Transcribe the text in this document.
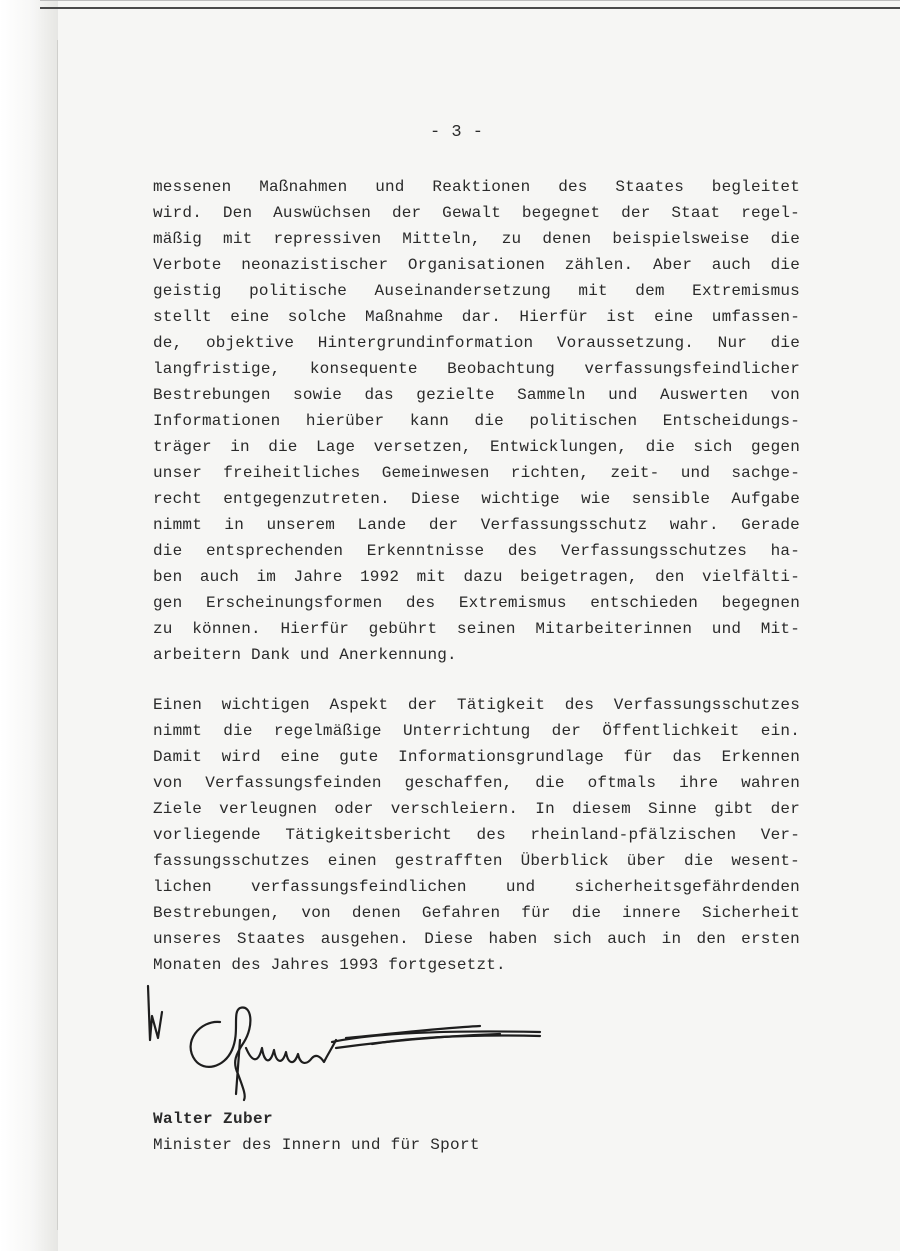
- 3 -
messenen Maßnahmen und Reaktionen des Staates begleitet
wird. Den Auswüchsen der Gewalt begegnet der Staat regel-
mäßig mit repressiven Mitteln, zu denen beispielsweise die
Verbote neonazistischer Organisationen zählen. Aber auch die
geistig politische Auseinandersetzung mit dem Extremismus
stellt eine solche Maßnahme dar. Hierfür ist eine umfassen-
de, objektive Hintergrundinformation Voraussetzung. Nur die
langfristige, konsequente Beobachtung verfassungsfeindlicher
Bestrebungen sowie das gezielte Sammeln und Auswerten von
Informationen hierüber kann die politischen Entscheidungs-
träger in die Lage versetzen, Entwicklungen, die sich gegen
unser freiheitliches Gemeinwesen richten, zeit- und sachge-
recht entgegenzutreten. Diese wichtige wie sensible Aufgabe
nimmt in unserem Lande der Verfassungsschutz wahr. Gerade
die entsprechenden Erkenntnisse des Verfassungsschutzes ha-
ben auch im Jahre 1992 mit dazu beigetragen, den vielfälti-
gen Erscheinungsformen des Extremismus entschieden begegnen
zu können. Hierfür gebührt seinen Mitarbeiterinnen und Mit-
arbeitern Dank und Anerkennung.
Einen wichtigen Aspekt der Tätigkeit des Verfassungsschutzes
nimmt die regelmäßige Unterrichtung der Öffentlichkeit ein.
Damit wird eine gute Informationsgrundlage für das Erkennen
von Verfassungsfeinden geschaffen, die oftmals ihre wahren
Ziele verleugnen oder verschleiern. In diesem Sinne gibt der
vorliegende Tätigkeitsbericht des rheinland-pfälzischen Ver-
fassungsschutzes einen gestrafften Überblick über die wesent-
lichen verfassungsfeindlichen und sicherheitsgefährdenden
Bestrebungen, von denen Gefahren für die innere Sicherheit
unseres Staates ausgehen. Diese haben sich auch in den ersten
Monaten des Jahres 1993 fortgesetzt.
Walter Zuber
Minister des Innern und für Sport
